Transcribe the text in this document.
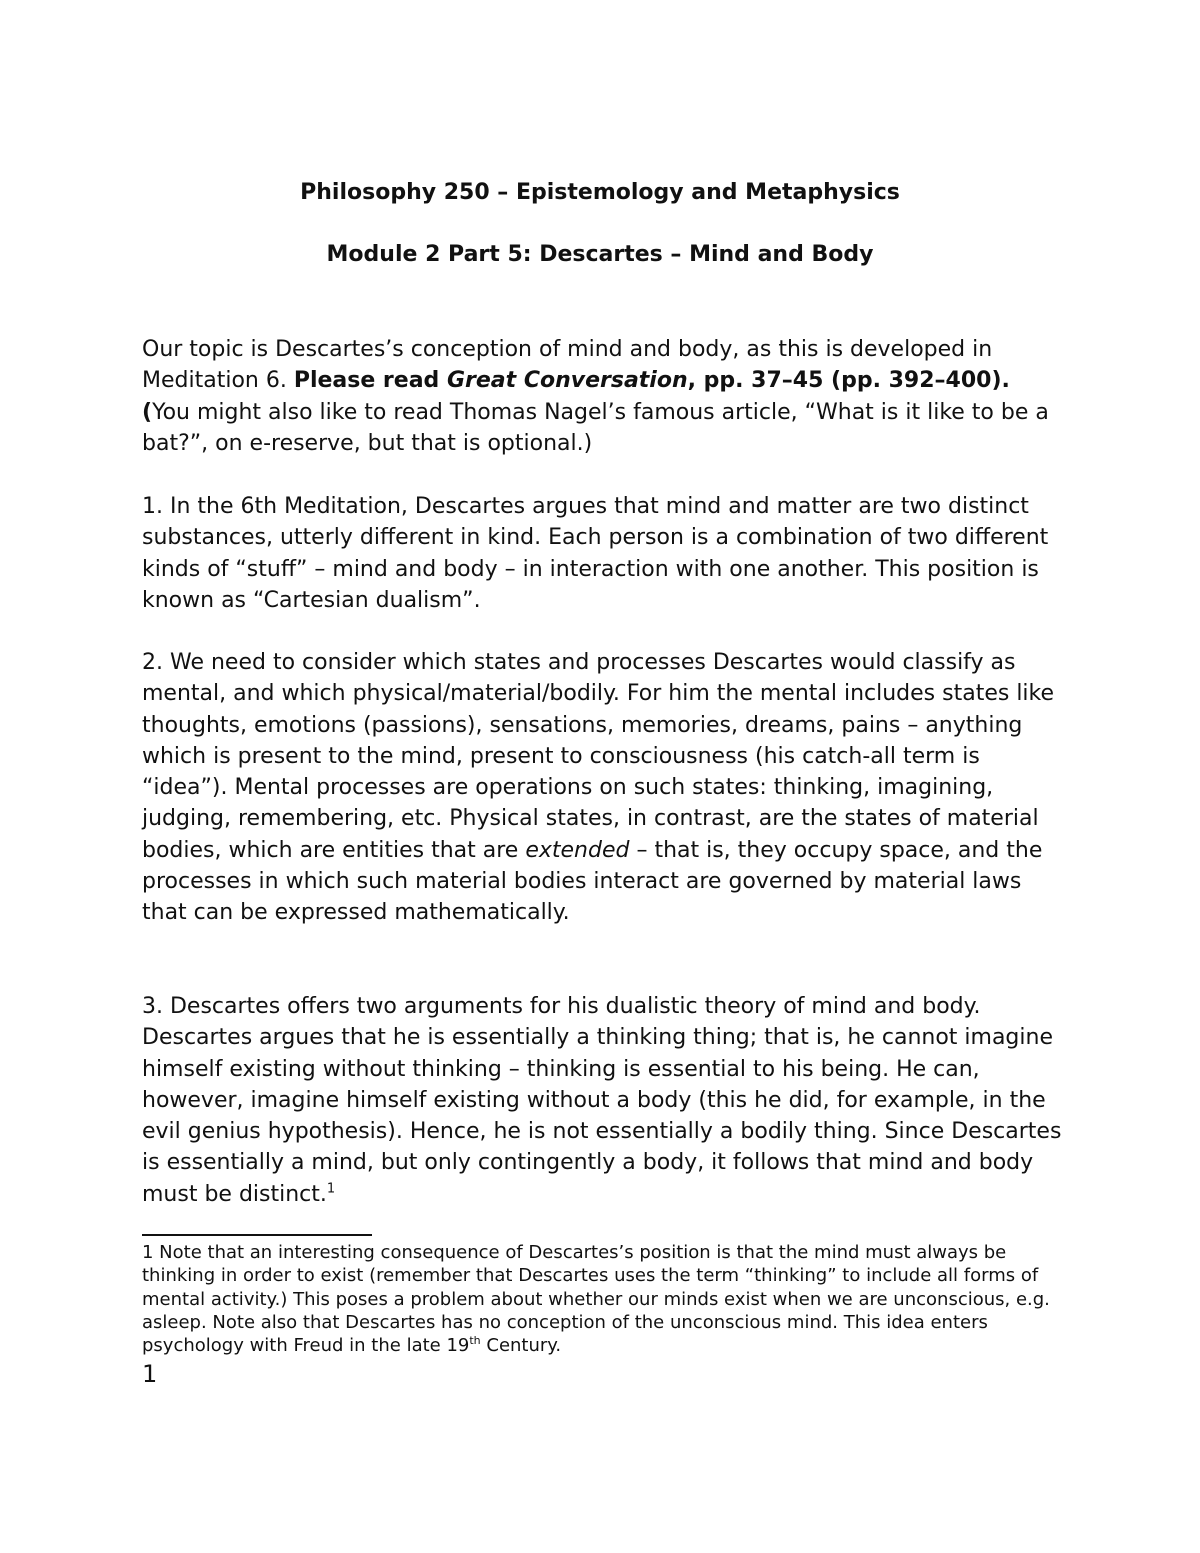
Philosophy 250 – Epistemology and Metaphysics
Module 2 Part 5: Descartes – Mind and Body

Our topic is Descartes’s conception of mind and body, as this is developed in Meditation 6. Please read Great Conversation, pp. 37–45 (pp. 392–400). (You might also like to read Thomas Nagel’s famous article, “What is it like to be a bat?”, on e-reserve, but that is optional.)

1. In the 6th Meditation, Descartes argues that mind and matter are two distinct substances, utterly different in kind. Each person is a combination of two different kinds of “stuff” – mind and body – in interaction with one another. This position is known as “Cartesian dualism”.

2. We need to consider which states and processes Descartes would classify as mental, and which physical/material/bodily. For him the mental includes states like thoughts, emotions (passions), sensations, memories, dreams, pains – anything which is present to the mind, present to consciousness (his catch-all term is “idea”). Mental processes are operations on such states: thinking, imagining, judging, remembering, etc. Physical states, in contrast, are the states of material bodies, which are entities that are extended – that is, they occupy space, and the processes in which such material bodies interact are governed by material laws that can be expressed mathematically.

3. Descartes offers two arguments for his dualistic theory of mind and body. Descartes argues that he is essentially a thinking thing; that is, he cannot imagine himself existing without thinking – thinking is essential to his being. He can, however, imagine himself existing without a body (this he did, for example, in the evil genius hypothesis). Hence, he is not essentially a bodily thing. Since Descartes is essentially a mind, but only contingently a body, it follows that mind and body must be distinct.$^1$

1 Note that an interesting consequence of Descartes’s position is that the mind must always be thinking in order to exist (remember that Descartes uses the term “thinking” to include all forms of mental activity.) This poses a problem about whether our minds exist when we are unconscious, e.g. asleep. Note also that Descartes has no conception of the unconscious mind. This idea enters psychology with Freud in the late 19th Century.

1
